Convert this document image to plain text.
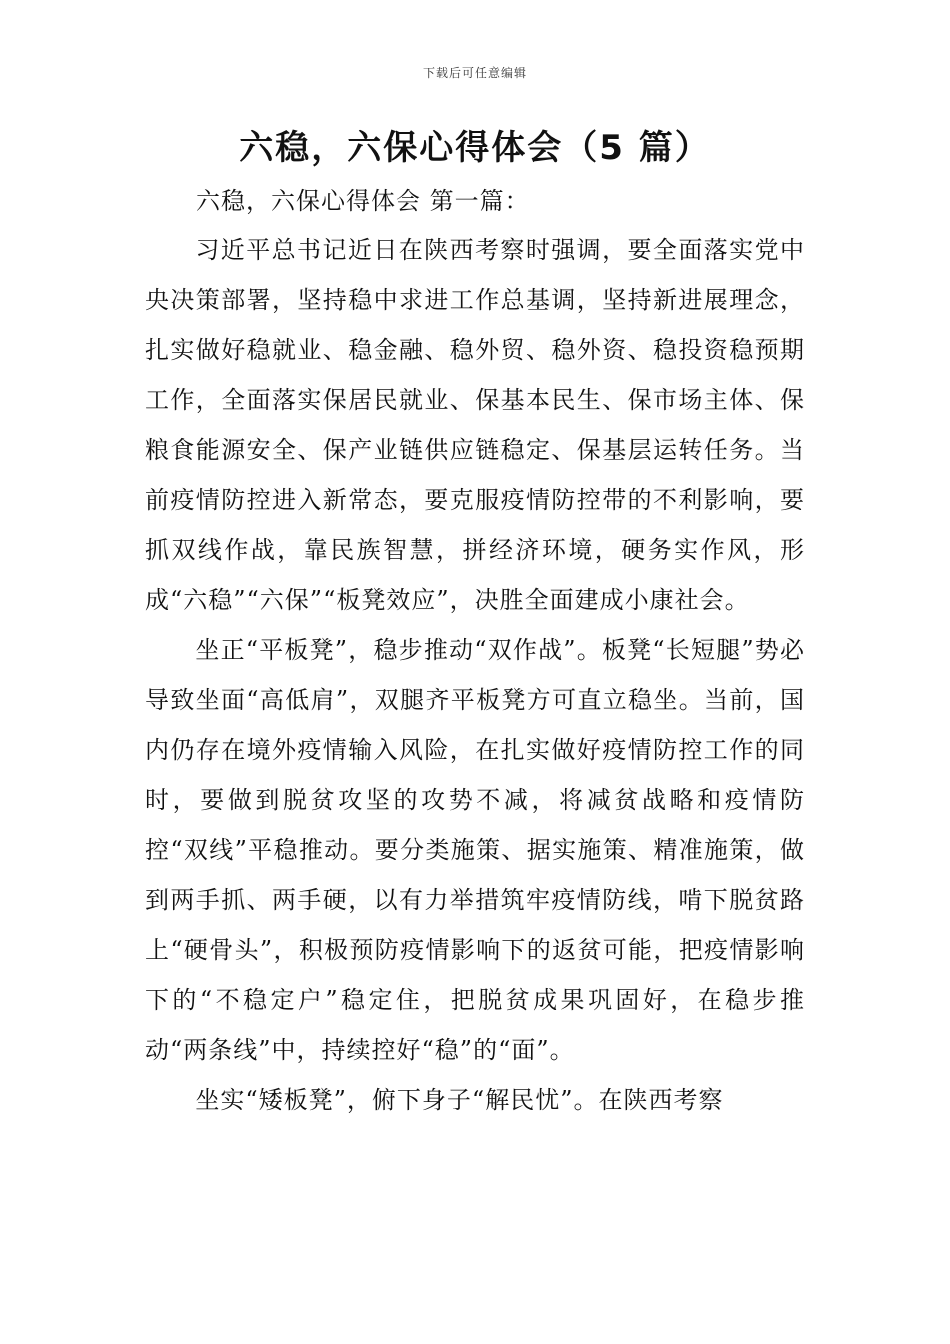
下载后可任意编辑
六稳，六保心得体会（5 篇）

六稳，六保心得体会 第一篇：

习近平总书记近日在陕西考察时强调，要全面落实党中央决策部署，坚持稳中求进工作总基调，坚持新进展理念，扎实做好稳就业、稳金融、稳外贸、稳外资、稳投资稳预期工作，全面落实保居民就业、保基本民生、保市场主体、保粮食能源安全、保产业链供应链稳定、保基层运转任务。当前疫情防控进入新常态，要克服疫情防控带的不利影响，要抓双线作战，靠民族智慧，拼经济环境，硬务实作风，形成“六稳”“六保”“板凳效应”，决胜全面建成小康社会。

坐正“平板凳”，稳步推动“双作战”。板凳“长短腿”势必导致坐面“高低肩”，双腿齐平板凳方可直立稳坐。当前，国内仍存在境外疫情输入风险，在扎实做好疫情防控工作的同时，要做到脱贫攻坚的攻势不减，将减贫战略和疫情防控“双线”平稳推动。要分类施策、据实施策、精准施策，做到两手抓、两手硬，以有力举措筑牢疫情防线，啃下脱贫路上“硬骨头”，积极预防疫情影响下的返贫可能，把疫情影响下的“不稳定户”稳定住，把脱贫成果巩固好，在稳步推动“两条线”中，持续控好“稳”的“面”。

坐实“矮板凳”，俯下身子“解民忧”。在陕西考察
